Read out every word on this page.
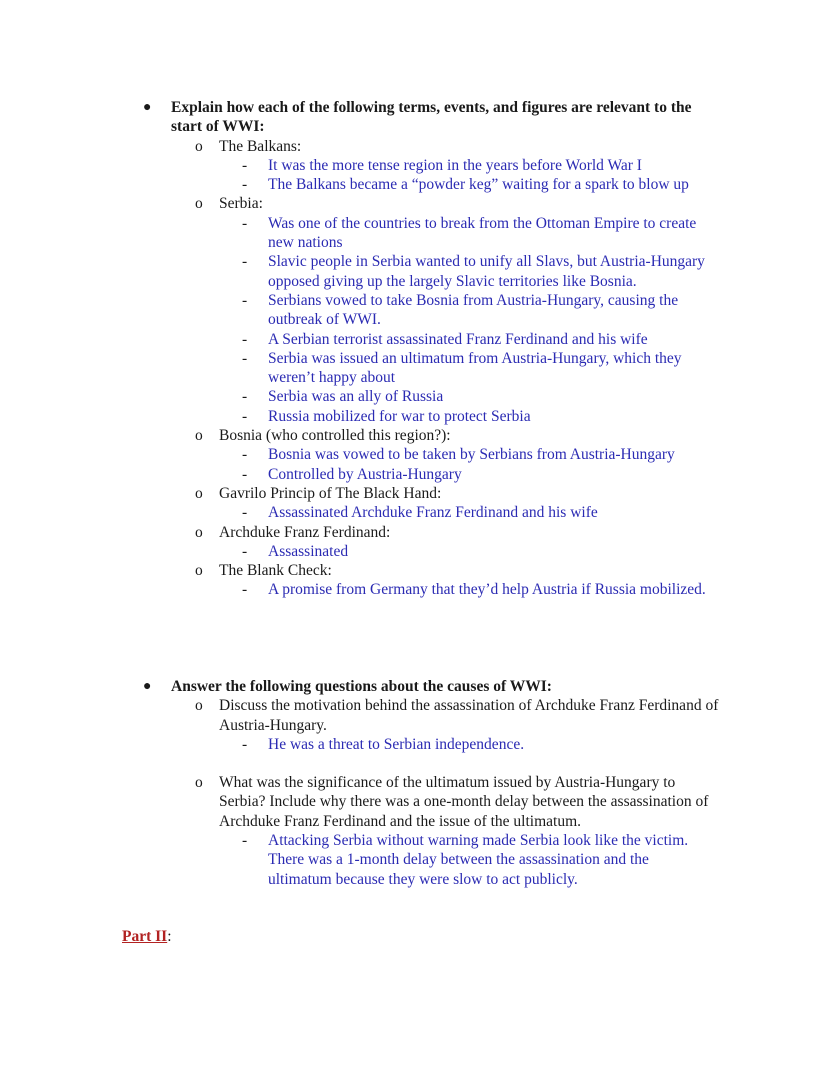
● Explain how each of the following terms, events, and figures are relevant to the start of WWI:
o The Balkans:
- It was the more tense region in the years before World War I
- The Balkans became a “powder keg” waiting for a spark to blow up
o Serbia:
- Was one of the countries to break from the Ottoman Empire to create new nations
- Slavic people in Serbia wanted to unify all Slavs, but Austria-Hungary opposed giving up the largely Slavic territories like Bosnia.
- Serbians vowed to take Bosnia from Austria-Hungary, causing the outbreak of WWI.
- A Serbian terrorist assassinated Franz Ferdinand and his wife
- Serbia was issued an ultimatum from Austria-Hungary, which they weren’t happy about
- Serbia was an ally of Russia
- Russia mobilized for war to protect Serbia
o Bosnia (who controlled this region?):
- Bosnia was vowed to be taken by Serbians from Austria-Hungary
- Controlled by Austria-Hungary
o Gavrilo Princip of The Black Hand:
- Assassinated Archduke Franz Ferdinand and his wife
o Archduke Franz Ferdinand:
- Assassinated
o The Blank Check:
- A promise from Germany that they’d help Austria if Russia mobilized.
● Answer the following questions about the causes of WWI:
o Discuss the motivation behind the assassination of Archduke Franz Ferdinand of Austria-Hungary.
- He was a threat to Serbian independence.
o What was the significance of the ultimatum issued by Austria-Hungary to Serbia? Include why there was a one-month delay between the assassination of Archduke Franz Ferdinand and the issue of the ultimatum.
- Attacking Serbia without warning made Serbia look like the victim. There was a 1-month delay between the assassination and the ultimatum because they were slow to act publicly.
Part II:
